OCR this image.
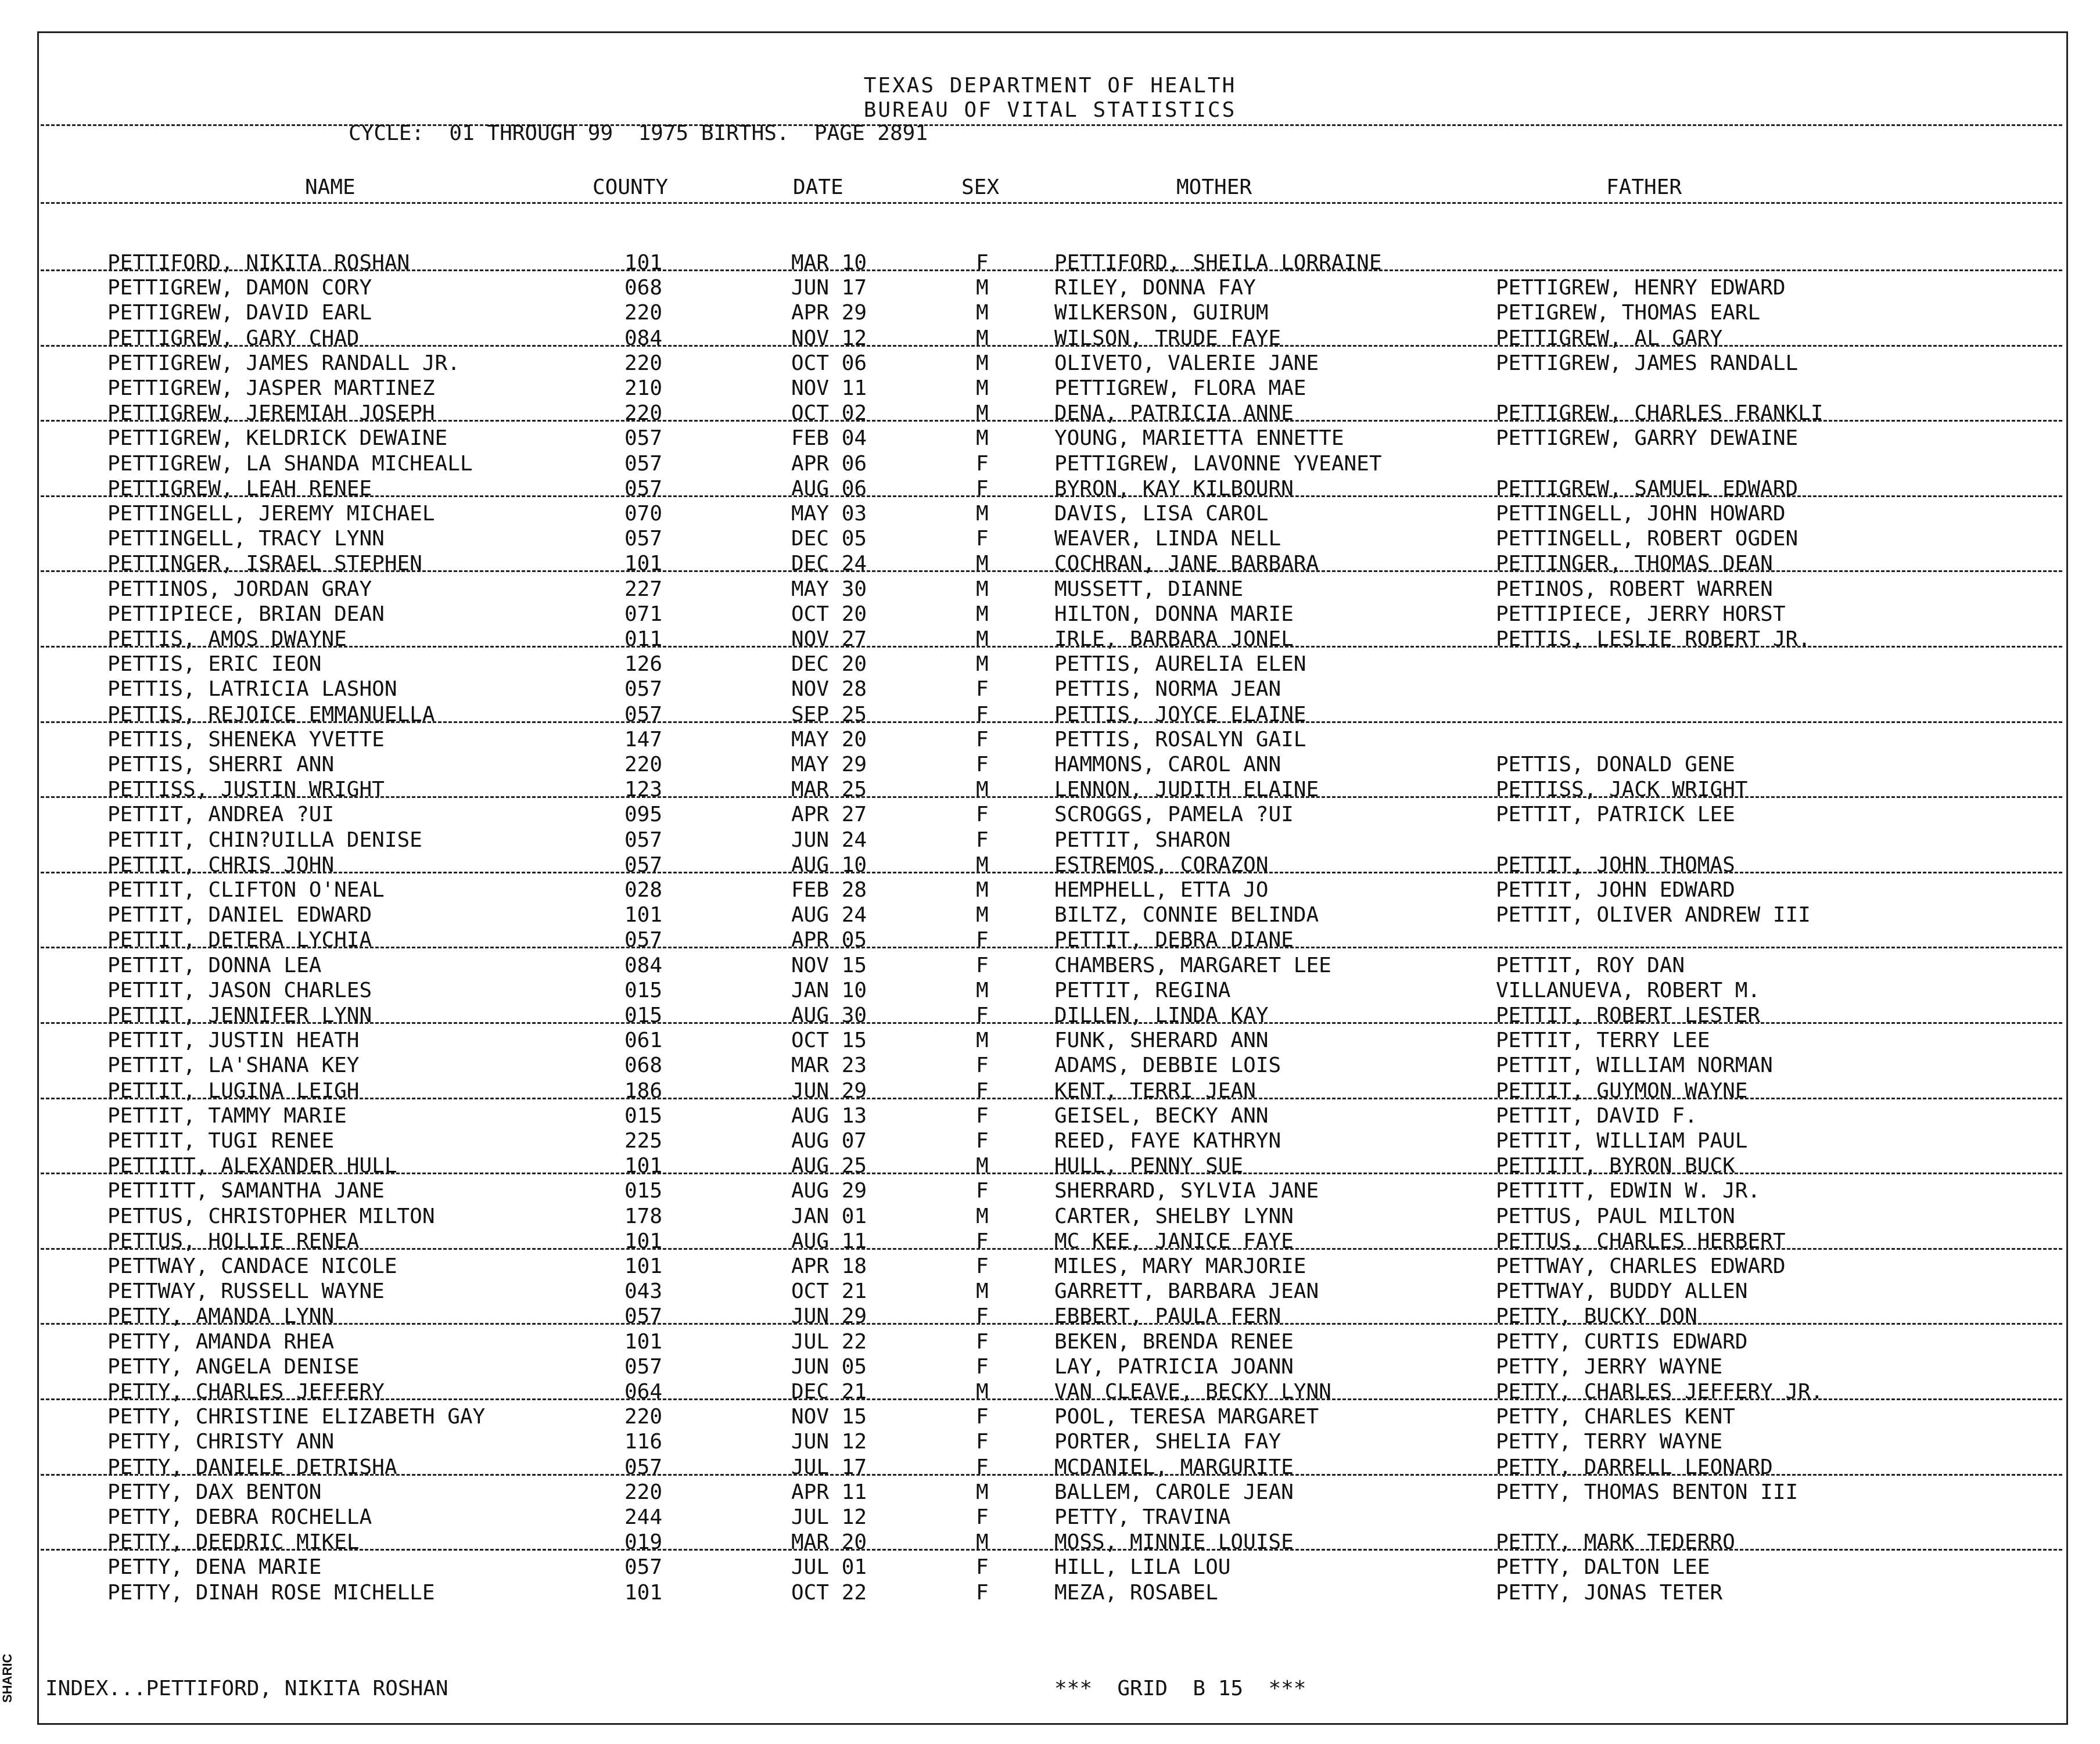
SHARIC
TEXAS DEPARTMENT OF HEALTH
BUREAU OF VITAL STATISTICS
CYCLE:  01 THROUGH 99  1975 BIRTHS.  PAGE 2891
NAME	COUNTY	DATE	SEX	MOTHER	FATHER
PETTIFORD, NIKITA ROSHAN	101	MAR 10	F	PETTIFORD, SHEILA LORRAINE
PETTIGREW, DAMON CORY	068	JUN 17	M	RILEY, DONNA FAY	PETTIGREW, HENRY EDWARD
PETTIGREW, DAVID EARL	220	APR 29	M	WILKERSON, GUIRUM	PETIGREW, THOMAS EARL
PETTIGREW, GARY CHAD	084	NOV 12	M	WILSON, TRUDE FAYE	PETTIGREW, AL GARY
PETTIGREW, JAMES RANDALL JR.	220	OCT 06	M	OLIVETO, VALERIE JANE	PETTIGREW, JAMES RANDALL
PETTIGREW, JASPER MARTINEZ	210	NOV 11	M	PETTIGREW, FLORA MAE
PETTIGREW, JEREMIAH JOSEPH	220	OCT 02	M	DENA, PATRICIA ANNE	PETTIGREW, CHARLES FRANKLI
PETTIGREW, KELDRICK DEWAINE	057	FEB 04	M	YOUNG, MARIETTA ENNETTE	PETTIGREW, GARRY DEWAINE
PETTIGREW, LA SHANDA MICHEALL	057	APR 06	F	PETTIGREW, LAVONNE YVEANET
PETTIGREW, LEAH RENEE	057	AUG 06	F	BYRON, KAY KILBOURN	PETTIGREW, SAMUEL EDWARD
PETTINGELL, JEREMY MICHAEL	070	MAY 03	M	DAVIS, LISA CAROL	PETTINGELL, JOHN HOWARD
PETTINGELL, TRACY LYNN	057	DEC 05	F	WEAVER, LINDA NELL	PETTINGELL, ROBERT OGDEN
PETTINGER, ISRAEL STEPHEN	101	DEC 24	M	COCHRAN, JANE BARBARA	PETTINGER, THOMAS DEAN
PETTINOS, JORDAN GRAY	227	MAY 30	M	MUSSETT, DIANNE	PETINOS, ROBERT WARREN
PETTIPIECE, BRIAN DEAN	071	OCT 20	M	HILTON, DONNA MARIE	PETTIPIECE, JERRY HORST
PETTIS, AMOS DWAYNE	011	NOV 27	M	IRLE, BARBARA JONEL	PETTIS, LESLIE ROBERT JR.
PETTIS, ERIC IEON	126	DEC 20	M	PETTIS, AURELIA ELEN
PETTIS, LATRICIA LASHON	057	NOV 28	F	PETTIS, NORMA JEAN
PETTIS, REJOICE EMMANUELLA	057	SEP 25	F	PETTIS, JOYCE ELAINE
PETTIS, SHENEKA YVETTE	147	MAY 20	F	PETTIS, ROSALYN GAIL
PETTIS, SHERRI ANN	220	MAY 29	F	HAMMONS, CAROL ANN	PETTIS, DONALD GENE
PETTISS, JUSTIN WRIGHT	123	MAR 25	M	LENNON, JUDITH ELAINE	PETTISS, JACK WRIGHT
PETTIT, ANDREA ?UI	095	APR 27	F	SCROGGS, PAMELA ?UI	PETTIT, PATRICK LEE
PETTIT, CHIN?UILLA DENISE	057	JUN 24	F	PETTIT, SHARON
PETTIT, CHRIS JOHN	057	AUG 10	M	ESTREMOS, CORAZON	PETTIT, JOHN THOMAS
PETTIT, CLIFTON O'NEAL	028	FEB 28	M	HEMPHELL, ETTA JO	PETTIT, JOHN EDWARD
PETTIT, DANIEL EDWARD	101	AUG 24	M	BILTZ, CONNIE BELINDA	PETTIT, OLIVER ANDREW III
PETTIT, DETERA LYCHIA	057	APR 05	F	PETTIT, DEBRA DIANE
PETTIT, DONNA LEA	084	NOV 15	F	CHAMBERS, MARGARET LEE	PETTIT, ROY DAN
PETTIT, JASON CHARLES	015	JAN 10	M	PETTIT, REGINA	VILLANUEVA, ROBERT M.
PETTIT, JENNIFER LYNN	015	AUG 30	F	DILLEN, LINDA KAY	PETTIT, ROBERT LESTER
PETTIT, JUSTIN HEATH	061	OCT 15	M	FUNK, SHERARD ANN	PETTIT, TERRY LEE
PETTIT, LA'SHANA KEY	068	MAR 23	F	ADAMS, DEBBIE LOIS	PETTIT, WILLIAM NORMAN
PETTIT, LUGINA LEIGH	186	JUN 29	F	KENT, TERRI JEAN	PETTIT, GUYMON WAYNE
PETTIT, TAMMY MARIE	015	AUG 13	F	GEISEL, BECKY ANN	PETTIT, DAVID F.
PETTIT, TUGI RENEE	225	AUG 07	F	REED, FAYE KATHRYN	PETTIT, WILLIAM PAUL
PETTITT, ALEXANDER HULL	101	AUG 25	M	HULL, PENNY SUE	PETTITT, BYRON BUCK
PETTITT, SAMANTHA JANE	015	AUG 29	F	SHERRARD, SYLVIA JANE	PETTITT, EDWIN W. JR.
PETTUS, CHRISTOPHER MILTON	178	JAN 01	M	CARTER, SHELBY LYNN	PETTUS, PAUL MILTON
PETTUS, HOLLIE RENEA	101	AUG 11	F	MC KEE, JANICE FAYE	PETTUS, CHARLES HERBERT
PETTWAY, CANDACE NICOLE	101	APR 18	F	MILES, MARY MARJORIE	PETTWAY, CHARLES EDWARD
PETTWAY, RUSSELL WAYNE	043	OCT 21	M	GARRETT, BARBARA JEAN	PETTWAY, BUDDY ALLEN
PETTY, AMANDA LYNN	057	JUN 29	F	EBBERT, PAULA FERN	PETTY, BUCKY DON
PETTY, AMANDA RHEA	101	JUL 22	F	BEKEN, BRENDA RENEE	PETTY, CURTIS EDWARD
PETTY, ANGELA DENISE	057	JUN 05	F	LAY, PATRICIA JOANN	PETTY, JERRY WAYNE
PETTY, CHARLES JEFFERY	064	DEC 21	M	VAN CLEAVE, BECKY LYNN	PETTY, CHARLES JEFFERY JR.
PETTY, CHRISTINE ELIZABETH GAY	220	NOV 15	F	POOL, TERESA MARGARET	PETTY, CHARLES KENT
PETTY, CHRISTY ANN	116	JUN 12	F	PORTER, SHELIA FAY	PETTY, TERRY WAYNE
PETTY, DANIELE DETRISHA	057	JUL 17	F	MCDANIEL, MARGURITE	PETTY, DARRELL LEONARD
PETTY, DAX BENTON	220	APR 11	M	BALLEM, CAROLE JEAN	PETTY, THOMAS BENTON III
PETTY, DEBRA ROCHELLA	244	JUL 12	F	PETTY, TRAVINA
PETTY, DEEDRIC MIKEL	019	MAR 20	M	MOSS, MINNIE LOUISE	PETTY, MARK TEDERRO
PETTY, DENA MARIE	057	JUL 01	F	HILL, LILA LOU	PETTY, DALTON LEE
PETTY, DINAH ROSE MICHELLE	101	OCT 22	F	MEZA, ROSABEL	PETTY, JONAS TETER
INDEX...PETTIFORD, NIKITA ROSHAN	***  GRID  B 15  ***
